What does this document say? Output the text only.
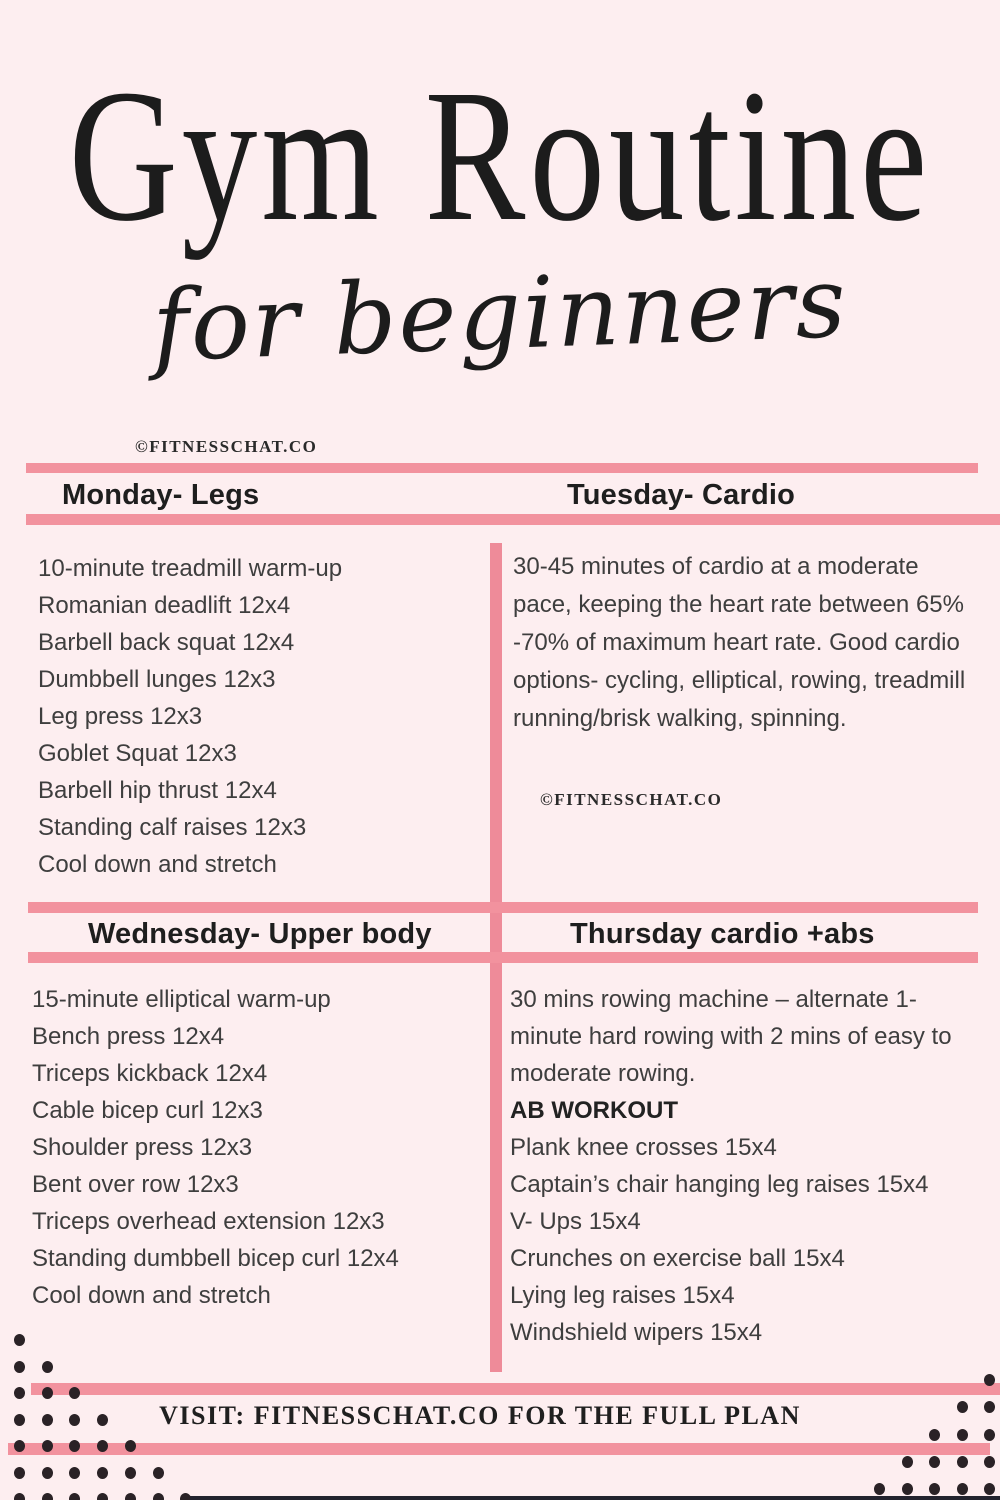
Gym Routine
for beginners
©FITNESSCHAT.CO
Monday- Legs	Tuesday- Cardio
10-minute treadmill warm-up
Romanian deadlift 12x4
Barbell back squat 12x4
Dumbbell lunges 12x3
Leg press 12x3
Goblet Squat 12x3
Barbell hip thrust 12x4
Standing calf raises 12x3
Cool down and stretch
30-45 minutes of cardio at a moderate pace, keeping the heart rate between 65% -70% of maximum heart rate. Good cardio options- cycling, elliptical, rowing, treadmill running/brisk walking, spinning.
©FITNESSCHAT.CO
Wednesday- Upper body	Thursday cardio +abs
15-minute elliptical warm-up
Bench press 12x4
Triceps kickback 12x4
Cable bicep curl 12x3
Shoulder press 12x3
Bent over row 12x3
Triceps overhead extension 12x3
Standing dumbbell bicep curl 12x4
Cool down and stretch
30 mins rowing machine – alternate 1-minute hard rowing with 2 mins of easy to moderate rowing.
AB WORKOUT
Plank knee crosses 15x4
Captain’s chair hanging leg raises 15x4
V- Ups 15x4
Crunches on exercise ball 15x4
Lying leg raises 15x4
Windshield wipers 15x4
VISIT: FITNESSCHAT.CO FOR THE FULL PLAN
